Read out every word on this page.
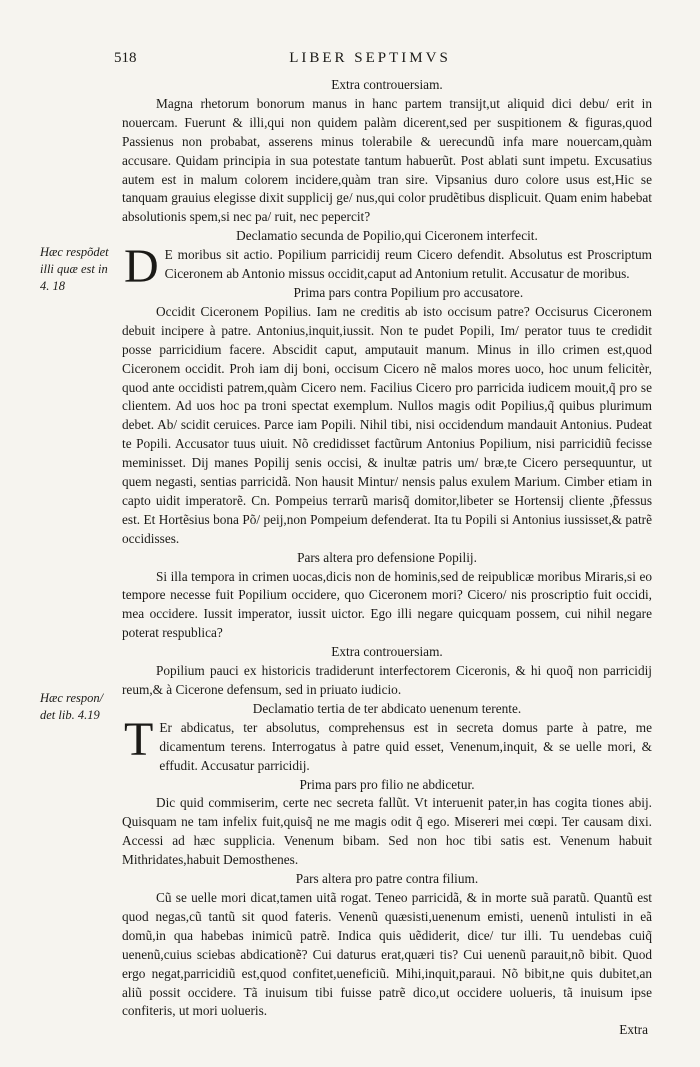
518	LIBER SEPTIMVS
Hæc respõdet illi quæ est in 4. 18
Hæc respon/ det lib. 4.19

Extra controuersiam.

Magna rhetorum bonorum manus in hanc partem transijt,ut aliquid dici debu/ erit in nouercam. Fuerunt & illi,qui non quidem palàm dicerent,sed per suspitionem & figuras,quod Passienus non probabat, asserens minus tolerabile & uerecundũ infa mare nouercam,quàm accusare. Quidam principia in sua potestate tantum habuerũt. Post ablati sunt impetu. Excusatius autem est in malum colorem incidere,quàm tran sire. Vipsanius duro colore usus est,Hic se tanquam grauius elegisse dixit supplicij ge/ nus,qui color prudẽtibus displicuit. Quam enim habebat absolutionis spem,si nec pa/ ruit, nec pepercit?

Declamatio secunda de Popilio,qui Ciceronem interfecit.

D E moribus sit actio. Popilium parricidij reum Cicero defendit. Absolutus est Proscriptum Ciceronem ab Antonio missus occidit,caput ad Antonium retulit. Accusatur de moribus.

Prima pars contra Popilium pro accusatore.

Occidit Ciceronem Popilius. Iam ne creditis ab isto occisum patre? Occisurus Ciceronem debuit incipere à patre. Antonius,inquit,iussit. Non te pudet Popili, Im/ perator tuus te credidit posse parricidium facere. Abscidit caput, amputauit manum. Minus in illo crimen est,quod Ciceronem occidit. Proh iam dij boni, occisum Cicero nẽ malos mores uoco, hoc unum felicitèr, quod ante occidisti patrem,quàm Cicero nem. Facilius Cicero pro parricida iudicem mouit,q̃ pro se clientem. Ad uos hoc pa troni spectat exemplum. Nullos magis odit Popilius,q̃ quibus plurimum debet. Ab/ scidit ceruices. Parce iam Popili. Nihil tibi, nisi occidendum mandauit Antonius. Pudeat te Popili. Accusator tuus uiuit. Nõ credidisset factũrum Antonius Popilium, nisi parricidiũ fecisse meminisset. Dij manes Popilij senis occisi, & inultæ patris um/ bræ,te Cicero persequuntur, ut quem negasti, sentias parricidã. Non hausit Mintur/ nensis palus exulem Marium. Cimber etiam in capto uidit imperatorẽ. Cn. Pompeius terrarũ marisq̃ domitor,libeter se Hortensij cliente ,p̃fessus est. Et Hortẽsius bona Põ/ peij,non Pompeium defenderat. Ita tu Popili si Antonius iussisset,& patrẽ occidisses.

Pars altera pro defensione Popilij.

Si illa tempora in crimen uocas,dicis non de hominis,sed de reipublicæ moribus Miraris,si eo tempore necesse fuit Popilium occidere, quo Ciceronem mori? Cicero/ nis proscriptio fuit occidi, mea occidere. Iussit imperator, iussit uictor. Ego illi negare quicquam possem, cui nihil negare poterat respublica?

Extra controuersiam.

Popilium pauci ex historicis tradiderunt interfectorem Ciceronis, & hi quoq̃ non parricidij reum,& à Cicerone defensum, sed in priuato iudicio.

Declamatio tertia de ter abdicato uenenum terente.

T Er abdicatus, ter absolutus, comprehensus est in secreta domus parte à patre, me dicamentum terens. Interrogatus à patre quid esset, Venenum,inquit, & se uelle mori, & effudit. Accusatur parricidij.

Prima pars pro filio ne abdicetur.

Dic quid commiserim, certe nec secreta fallũt. Vt interuenit pater,in has cogita tiones abij. Quisquam ne tam infelix fuit,quisq̃ ne me magis odit q̃ ego. Misereri mei cœpi. Ter causam dixi. Accessi ad hæc supplicia. Venenum bibam. Sed non hoc tibi satis est. Venenum habuit Mithridates,habuit Demosthenes.

Pars altera pro patre contra filium.

Cũ se uelle mori dicat,tamen uitã rogat. Teneo parricidã, & in morte suã paratũ. Quantũ est quod negas,cũ tantũ sit quod fateris. Venenũ quæsisti,uenenum emisti, uenenũ intulisti in eã domũ,in qua habebas inimicũ patrẽ. Indica quis uẽdiderit, dice/ tur illi. Tu uendebas cuiq̃ uenenũ,cuius sciebas abdicationẽ? Cui daturus erat,quæri tis? Cui uenenũ parauit,nõ bibit. Quod ergo negat,parricidiũ est,quod confitet,ueneficiũ. Mihi,inquit,paraui. Nõ bibit,ne quis dubitet,an aliũ possit occidere. Tã inuisum tibi fuisse patrẽ dico,ut occidere uolueris, tã inuisum ipse confiteris, ut mori uolueris.

Extra
